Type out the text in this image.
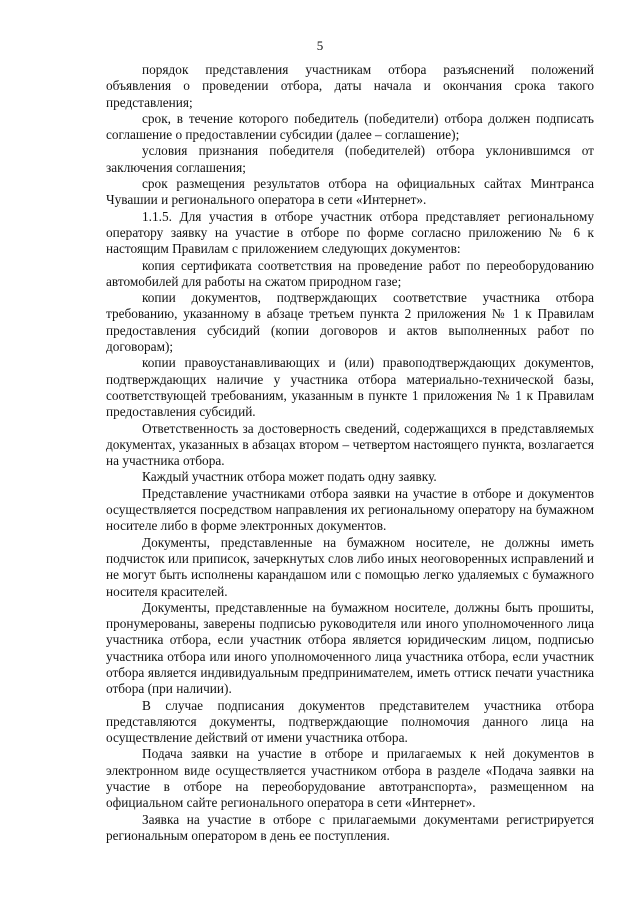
5

порядок представления участникам отбора разъяснений положений объявления о проведении отбора, даты начала и окончания срока такого представления;

срок, в течение которого победитель (победители) отбора должен подписать соглашение о предоставлении субсидии (далее – соглашение);

условия признания победителя (победителей) отбора уклонившимся от заключения соглашения;

срок размещения результатов отбора на официальных сайтах Минтранса Чувашии и регионального оператора в сети «Интернет».

1.1.5. Для участия в отборе участник отбора представляет региональному оператору заявку на участие в отборе по форме согласно приложению № 6 к настоящим Правилам с приложением следующих документов:

копия сертификата соответствия на проведение работ по переоборудованию автомобилей для работы на сжатом природном газе;

копии документов, подтверждающих соответствие участника отбора требованию, указанному в абзаце третьем пункта 2 приложения № 1 к Правилам предоставления субсидий (копии договоров и актов выполненных работ по договорам);

копии правоустанавливающих и (или) правоподтверждающих документов, подтверждающих наличие у участника отбора материально-технической базы, соответствующей требованиям, указанным в пункте 1 приложения № 1 к Правилам предоставления субсидий.

Ответственность за достоверность сведений, содержащихся в представляемых документах, указанных в абзацах втором – четвертом настоящего пункта, возлагается на участника отбора.

Каждый участник отбора может подать одну заявку.

Представление участниками отбора заявки на участие в отборе и документов осуществляется посредством направления их региональному оператору на бумажном носителе либо в форме электронных документов.

Документы, представленные на бумажном носителе, не должны иметь подчисток или приписок, зачеркнутых слов либо иных неоговоренных исправлений и не могут быть исполнены карандашом или с помощью легко удаляемых с бумажного носителя красителей.

Документы, представленные на бумажном носителе, должны быть прошиты, пронумерованы, заверены подписью руководителя или иного уполномоченного лица участника отбора, если участник отбора является юридическим лицом, подписью участника отбора или иного уполномоченного лица участника отбора, если участник отбора является индивидуальным предпринимателем, иметь оттиск печати участника отбора (при наличии).

В случае подписания документов представителем участника отбора представляются документы, подтверждающие полномочия данного лица на осуществление действий от имени участника отбора.

Подача заявки на участие в отборе и прилагаемых к ней документов в электронном виде осуществляется участником отбора в разделе «Подача заявки на участие в отборе на переоборудование автотранспорта», размещенном на официальном сайте регионального оператора в сети «Интернет».

Заявка на участие в отборе с прилагаемыми документами регистрируется региональным оператором в день ее поступления.
